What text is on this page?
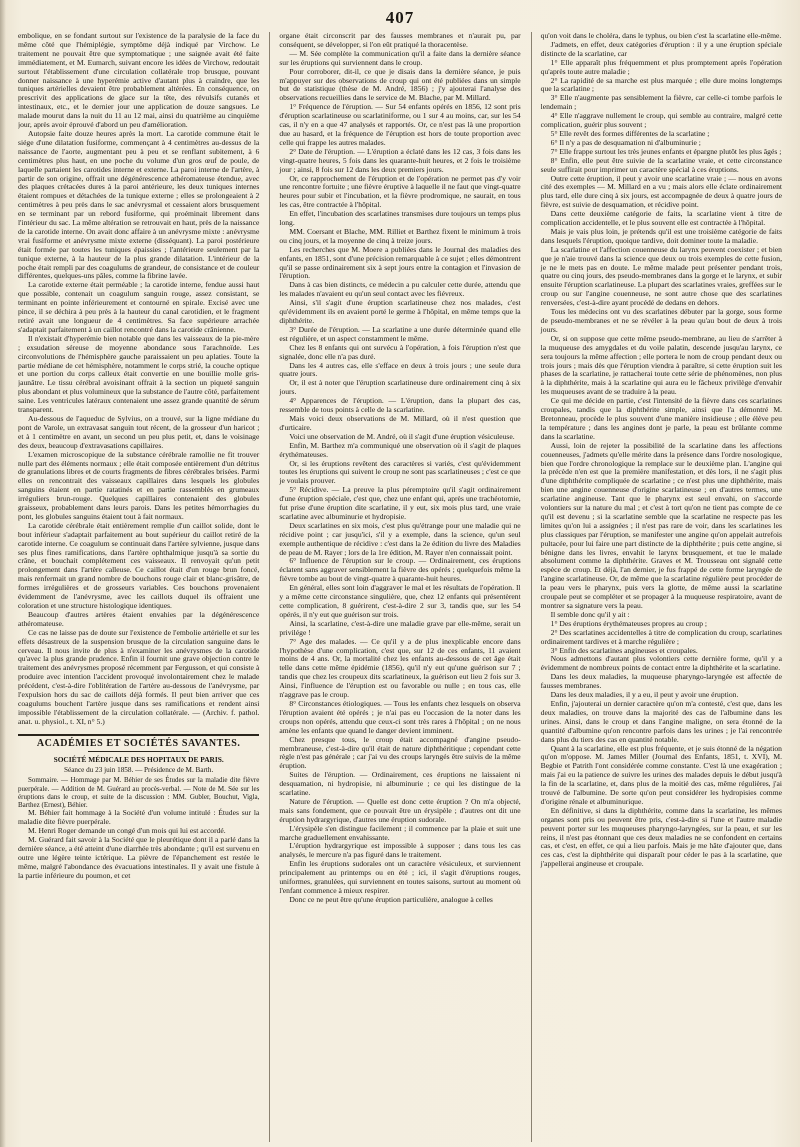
407

embolique, en se fondant surtout sur l'existence de la paralysie de la face du même côté que l'hémiplégie, symptôme déjà indiqué par Virchow. Le traitement ne pouvait être que symptomatique ; une saignée avait été faite immédiatement, et M. Eumarch, suivant encore les idées de Virchow, redoutait surtout l'établissement d'une circulation collatérale trop brusque, pouvant donner naissance à une hyperémie active d'autant plus à craindre, que les tuniques artérielles devaient être probablement altérées. En conséquence, on prescrivit des applications de glace sur la tête, des révulsifs cutanés et intestinaux, etc., et le dernier jour une application de douze sangsues. Le malade mourut dans la nuit du 11 au 12 mai, ainsi du quatrième au cinquième jour, après avoir éprouvé d'abord un peu d'amélioration.

Autopsie faite douze heures après la mort. La carotide commune était le siége d'une dilatation fusiforme, commençant à 4 centimètres au-dessus de la naissance de l'aorte, augmentant peu à peu et se renflant subitement, à 6 centimètres plus haut, en une poche du volume d'un gros œuf de poule, de laquelle partaient les carotides interne et externe. La paroi interne de l'artère, à partir de son origine, offrait une dégénérescence athéromateuse étendue, avec des plaques crétacées dures à la paroi antérieure, les deux tuniques internes étaient rompues et détachées de la tunique externe ; elles se prolongeaient à 2 centimètres à peu près dans le sac anévrysmal et cessaient alors brusquement en se terminant par un rebord fusiforme, qui proéminait librement dans l'intérieur du sac. La même altération se retrouvait en haut, près de la naissance de la carotide interne. On avait donc affaire à un anévrysme mixte : anévrysme vrai fusiforme et anévrysme mixte externe (disséquant). La paroi postérieure était formée par toutes les tuniques épaissies ; l'antérieure seulement par la tunique externe, à la hauteur de la plus grande dilatation. L'intérieur de la poche était rempli par des coagulums de grandeur, de consistance et de couleur différentes, quelques-uns pâles, comme la fibrine lavée.

La carotide externe était perméable ; la carotide interne, fendue aussi haut que possible, contenait un coagulum sanguin rouge, assez consistant, se terminant en pointe inférieurement et contourné en spirale. Excisé avec une pince, il se déchira à peu près à la hauteur du canal carotidien, et le fragment retiré avait une longueur de 4 centimètres. Sa face supérieure arrachée s'adaptait parfaitement à un caillot rencontré dans la carotide crânienne.

Il n'existait d'hyperémie bien notable que dans les vaisseaux de la pie-mère ; exsudation séreuse de moyenne abondance sous l'arachnoïde. Les circonvolutions de l'hémisphère gauche paraissaient un peu aplaties. Toute la partie médiane de cet hémisphère, notamment le corps strié, la couche optique et une portion du corps calleux était convertie en une bouillie molle gris-jaunâtre. Le tissu cérébral avoisinant offrait à la section un piqueté sanguin plus abondant et plus volumineux que la substance de l'autre côté, parfaitement saine. Les ventricules latéraux contenaient une assez grande quantité de sérum transparent.

Au-dessous de l'aqueduc de Sylvius, on a trouvé, sur la ligne médiane du pont de Varole, un extravasat sanguin tout récent, de la grosseur d'un haricot ; et à 1 centimètre en avant, un second un peu plus petit, et, dans le voisinage des deux, beaucoup d'extravasations capillaires.

L'examen microscopique de la substance cérébrale ramollie ne fit trouver nulle part des éléments normaux ; elle était composée entièrement d'un détritus de granulations libres et de courts fragments de fibres cérébrales brisées. Parmi elles on rencontrait des vaisseaux capillaires dans lesquels les globules sanguins étaient en partie ratatinés et en partie rassemblés en grumeaux irréguliers brun-rouge. Quelques capillaires contenaient des globules graisseux, probablement dans leurs parois. Dans les petites hémorrhagies du pont, les globules sanguins étaient tout à fait normaux.

La carotide cérébrale était entièrement remplie d'un caillot solide, dont le bout inférieur s'adaptait parfaitement au bout supérieur du caillot retiré de la carotide interne. Ce coagulum se continuait dans l'artère sylvienne, jusque dans ses plus fines ramifications, dans l'artère ophthalmique jusqu'à sa sortie du crâne, et bouchait complétement ces vaisseaux. Il renvoyait qu'un petit prolongement dans l'artère calleuse. Ce caillot était d'un rouge brun foncé, mais renfermait un grand nombre de bouchons rouge clair et blanc-grisâtre, de formes irrégulières et de grosseurs variables. Ces bouchons provenaient évidemment de l'anévrysme, avec les caillots duquel ils offraient une coloration et une structure histologique identiques.

Beaucoup d'autres artères étaient envahies par la dégénérescence athéromateuse.

Ce cas ne laisse pas de doute sur l'existence de l'embolie artérielle et sur les effets désastreux de la suspension brusque de la circulation sanguine dans le cerveau. Il nous invite de plus à n'examiner les anévrysmes de la carotide qu'avec la plus grande prudence. Enfin il fournit une grave objection contre le traitement des anévrysmes proposé récemment par Fergusson, et qui consiste à produire avec intention l'accident provoqué involontairement chez le malade précédent, c'est-à-dire l'oblitération de l'artère au-dessous de l'anévrysme, par l'expulsion hors du sac de caillots déjà formés. Il peut bien arriver que ces coagulums bouchent l'artère jusque dans ses ramifications et rendent ainsi impossible l'établissement de la circulation collatérale. — (Archiv. f. pathol. anat. u. physiol., t. XI, n° 5.)

ACADÉMIES ET SOCIÉTÉS SAVANTES.
SOCIÉTÉ MÉDICALE DES HOPITAUX DE PARIS.
Séance du 23 juin 1858. — Présidence de M. Barth.

Sommaire. — Hommage par M. Béhier de ses Études sur la maladie dite fièvre puerpérale. — Addition de M. Guérard au procès-verbal. — Note de M. Sée sur les éruptions dans le croup, et suite de la discussion : MM. Gubler, Bouchut, Vigla, Barthez (Ernest), Béhier.

M. Béhier fait hommage à la Société d'un volume intitulé : Études sur la maladie dite fièvre puerpérale.

M. Henri Roger demande un congé d'un mois qui lui est accordé.

M. Guérard fait savoir à la Société que le pleurétique dont il a parlé dans la dernière séance, a été atteint d'une diarrhée très abondante ; qu'il est survenu en outre une légère teinte ictérique. La pièvre de l'épanchement est restée le même, malgré l'abondance des évacuations intestinales. Il y avait une fistule à la partie inférieure du poumon, et cet

organe était circonscrit par des fausses membranes et n'aurait pu, par conséquent, se développer, si l'on eût pratiqué la thoracentèse.

— M. Sée complète la communication qu'il a faite dans la dernière séance sur les éruptions qui surviennent dans le croup.

Pour corroborer, dit-il, ce que je disais dans la dernière séance, je puis m'appuyer sur des observations de croup qui ont été publiées dans un simple but de statistique (thèse de M. André, 1856) ; j'y ajouterai l'analyse des observations recueillies dans le service de M. Blache, par M. Millard.

1° Fréquence de l'éruption. — Sur 54 enfants opérés en 1856, 12 sont pris d'éruption scarlatineuse ou scarlatiniforme, ou 1 sur 4 au moins, car, sur les 54 cas, il n'y en a que 47 analysés et rapportés. Or, ce n'est pas là une proportion due au hasard, et la fréquence de l'éruption est hors de toute proportion avec celle qui frappe les autres malades.

2° Date de l'éruption. — L'éruption a éclaté dans les 12 cas, 3 fois dans les vingt-quatre heures, 5 fois dans les quarante-huit heures, et 2 fois le troisième jour ; ainsi, 8 fois sur 12 dans les deux premiers jours.

Or, ce rapprochement de l'éruption et de l'opération ne permet pas d'y voir une rencontre fortuite ; une fièvre éruptive à laquelle il ne faut que vingt-quatre heures pour subir et l'incubation, et la fièvre prodromique, ne saurait, en tous les cas, être contractée à l'hôpital.

En effet, l'incubation des scarlatines transmises dure toujours un temps plus long.

MM. Coersant et Blache, MM. Rilliet et Barthez fixent le minimum à trois ou cinq jours, et la moyenne de cinq à treize jours.

Les recherches que M. Moere a publiées dans le Journal des maladies des enfants, en 1851, sont d'une précision remarquable à ce sujet ; elles démontrent qu'il se passe ordinairement six à sept jours entre la contagion et l'invasion de l'éruption.

Dans à cas bien distincts, ce médecin a pu calculer cette durée, attendu que les malades n'avaient eu qu'un seul contact avec les fiévreux.

Ainsi, s'il s'agit d'une éruption scarlatineuse chez nos malades, c'est qu'évidemment ils en avaient porté le germe à l'hôpital, en même temps que la diphthérite.

3° Durée de l'éruption. — La scarlatine a une durée déterminée quand elle est régulière, et un aspect constamment le même.

Chez les 8 enfants qui ont survécu à l'opération, à fois l'éruption n'est que signalée, donc elle n'a pas duré.

Dans les 4 autres cas, elle s'efface en deux à trois jours ; une seule dura quatre jours.

Or, il est à noter que l'éruption scarlatineuse dure ordinairement cinq à six jours.

4° Apparences de l'éruption. — L'éruption, dans la plupart des cas, ressemble de tous points à celle de la scarlatine.

Mais voici deux observations de M. Millard, où il n'est question que d'urticaire.

Voici une observation de M. André, où il s'agit d'une éruption vésiculeuse.

Enfin, M. Barthez m'a communiqué une observation où il s'agit de plaques érythémateuses.

Or, si les éruptions revêtent des caractères si variés, c'est qu'évidemment toutes les éruptions qui suivent le croup ne sont pas scarlatineuses ; c'est ce que je voulais prouver.

5° Récidive. — La preuve la plus péremptoire qu'il s'agit ordinairement d'une éruption spéciale, c'est que, chez une enfant qui, après une trachéotomie, fut prise d'une éruption dite scarlatine, il y eut, six mois plus tard, une vraie scarlatine avec albuminurie et hydropisie.

Deux scarlatines en six mois, c'est plus qu'étrange pour une maladie qui ne récidive point ; car jusqu'ici, s'il y a exemple, dans la science, qu'un seul exemple authentique de récidive : c'est dans la 2e édition du livre des Maladies de peau de M. Rayer ; lors de la 1re édition, M. Rayer n'en connaissait point.

6° Influence de l'éruption sur le croup. — Ordinairement, ces éruptions éclatent sans aggraver sensiblement la fièvre des opérés ; quelquefois même la fièvre tombe au bout de vingt-quatre à quarante-huit heures.

En général, elles sont loin d'aggraver le mal et les résultats de l'opération. Il y a même cette circonstance singulière, que, chez 12 enfants qui présentèrent cette complication, 8 guérirent, c'est-à-dire 2 sur 3, tandis que, sur les 54 opérés, il n'y eut que guérison sur trois.

Ainsi, la scarlatine, c'est-à-dire une maladie grave par elle-même, serait un privilége !

7° Age des malades. — Ce qu'il y a de plus inexplicable encore dans l'hypothèse d'une complication, c'est que, sur 12 de ces enfants, 11 avaient moins de 4 ans. Or, la mortalité chez les enfants au-dessous de cet âge était telle dans cette même épidémie (1856), qu'il n'y eut qu'une guérison sur 7 ; tandis que chez les croupeux dits scarlatineux, la guérison eut lieu 2 fois sur 3. Ainsi, l'influence de l'éruption est ou favorable ou nulle ; en tous cas, elle n'aggrave pas le croup.

8° Circonstances étiologiques. — Tous les enfants chez lesquels on observa l'éruption avaient été opérés ; je n'ai pas eu l'occasion de la noter dans les croups non opérés, attendu que ceux-ci sont très rares à l'hôpital ; on ne nous amène les enfants que quand le danger devient imminent.

Chez presque tous, le croup était accompagné d'angine pseudo-membraneuse, c'est-à-dire qu'il était de nature diphthéritique ; cependant cette règle n'est pas générale ; car j'ai vu des croups laryngés être suivis de la même éruption.

Suites de l'éruption. — Ordinairement, ces éruptions ne laissaient ni desquamation, ni hydropisie, ni albuminurie ; ce qui les distingue de la scarlatine.

Nature de l'éruption. — Quelle est donc cette éruption ? On m'a objecté, mais sans fondement, que ce pouvait être un érysipèle ; d'autres ont dit une éruption hydrargyrique, d'autres une éruption sudorale.

L'érysipèle s'en distingue facilement ; il commence par la plaie et suit une marche graduellement envahissante.

L'éruption hydrargyrique est impossible à supposer ; dans tous les cas analysés, le mercure n'a pas figuré dans le traitement.

Enfin les éruptions sudorales ont un caractère vésiculeux, et surviennent principalement au printemps ou en été ; ici, il s'agit d'éruptions rouges, uniformes, granulées, qui surviennent en toutes saisons, surtout au moment où l'enfant commence à mieux respirer.

Donc ce ne peut être qu'une éruption particulière, analogue à celles

qu'on voit dans le choléra, dans le typhus, ou bien c'est la scarlatine elle-même.

J'admets, en effet, deux catégories d'éruption : il y a une éruption spéciale distincte de la scarlatine, car

1° Elle apparaît plus fréquemment et plus promptement après l'opération qu'après toute autre maladie ;
2° La rapidité de sa marche est plus marquée ; elle dure moins longtemps que la scarlatine ;
3° Elle n'augmente pas sensiblement la fièvre, car celle-ci tombe parfois le lendemain ;
4° Elle n'aggrave nullement le croup, qui semble au contraire, malgré cette complication, guérir plus souvent ;
5° Elle revêt des formes différentes de la scarlatine ;
6° Il n'y a pas de desquamation ni d'albuminurie ;
7° Elle frappe surtout les très jeunes enfants et épargne plutôt les plus âgés ;
8° Enfin, elle peut être suivie de la scarlatine vraie, et cette circonstance seule suffirait pour imprimer un caractère spécial à ces éruptions.

Outre cette éruption, il peut y avoir une scarlatine vraie ; — nous en avons cité des exemples — M. Millard en a vu ; mais alors elle éclate ordinairement plus tard, elle dure cinq à six jours, est accompagnée de deux à quatre jours de fièvre, est suivie de desquamation, et récidive point.

Dans cette deuxième catégorie de faits, la scarlatine vient à titre de complication accidentelle, et le plus souvent elle est contractée à l'hôpital.

Mais je vais plus loin, je prétends qu'il est une troisième catégorie de faits dans lesquels l'éruption, quoique tardive, doit dominer toute la maladie.

La scarlatine et l'affection couenneuse du larynx peuvent coexister ; et bien que je n'aie trouvé dans la science que deux ou trois exemples de cette fusion, je ne le mets pas en doute. Le même malade peut présenter pendant trois, quatre ou cinq jours, des pseudo-membranes dans la gorge et le larynx, et subir ensuite l'éruption scarlatineuse. La plupart des scarlatines vraies, greffées sur le croup ou sur l'angine couenneuse, ne sont autre chose que des scarlatines renversées, c'est-à-dire ayant procédé de dedans en dehors.

Tous les médecins ont vu des scarlatines débuter par la gorge, sous forme de pseudo-membranes et ne se révéler à la peau qu'au bout de deux à trois jours.

Or, si on suppose que cette même pseudo-membrane, au lieu de s'arrêter à la muqueuse des amygdales et du voile palatin, descende jusqu'au larynx, ce sera toujours la même affection ; elle portera le nom de croup pendant deux ou trois jours ; mais dès que l'éruption viendra à paraître, si cette éruption suit les phases de la scarlatine, je rattacherai toute cette série de phénomènes, non plus à la diphthérite, mais à la scarlatine qui aura eu le fâcheux privilège d'envahir les muqueuses avant de se traduire à la peau.

Ce qui me décide en partie, c'est l'intensité de la fièvre dans ces scarlatines croupales, tandis que la diphthérite simple, ainsi que l'a démontré M. Bretonneau, procède le plus souvent d'une manière insidieuse ; elle élève peu la température ; dans les angines dont je parle, la peau est brûlante comme dans la scarlatine.

Aussi, loin de rejeter la possibilité de la scarlatine dans les affections couenneuses, j'admets qu'elle mérite dans la présence dans l'ordre nosologique, bien que l'ordre chronologique la remplace sur le deuxième plan. L'angine qui la précède n'en est que la première manifestation, et dès lors, il ne s'agit plus d'une diphthérite compliquée de scarlatine ; ce n'est plus une diphthérite, mais bien une angine couenneuse d'origine scarlatineuse ; en d'autres termes, une scarlatine angineuse. Tant que le pharynx est seul envahi, on s'accorde volontiers sur la nature du mal ; et c'est à tort qu'on ne tient pas compte de ce qu'il est devenu ; si la scarlatine semble que la scarlatine ne respecte pas les limites qu'on lui a assignées ; il n'est pas rare de voir, dans les scarlatines les plus classiques par l'éruption, se manifester une angine qu'on appelait autrefois pultacée, pour lui faire une part distincte de la diphthérite ; puis cette angine, si bénigne dans les livres, envahit le larynx brusquement, et tue le malade absolument comme la diphthérite. Graves et M. Trousseau ont signalé cette espèce de croup. Et déjà, l'an dernier, je fus frappé de cette forme laryngée de l'angine scarlatineuse. Or, de même que la scarlatine régulière peut procéder de la peau vers le pharynx, puis vers la glotte, de même aussi la scarlatine croupale peut se compléter et se propager à la muqueuse respiratoire, avant de montrer sa signature vers la peau.

Il semble donc qu'il y ait :

1° Des éruptions érythémateuses propres au croup ;

2° Des scarlatines accidentelles à titre de complication du croup, scarlatines ordinairement tardives et à marche régulière ;

3° Enfin des scarlatines angineuses et croupales.

Nous admettons d'autant plus volontiers cette dernière forme, qu'il y a évidemment de nombreux points de contact entre la diphthérite et la scarlatine.

Dans les deux maladies, la muqueuse pharyngo-laryngée est affectée de fausses membranes.

Dans les deux maladies, il y a eu, il peut y avoir une éruption.

Enfin, j'ajouterai un dernier caractère qu'on m'a contesté, c'est que, dans les deux maladies, on trouve dans la majorité des cas de l'albumine dans les urines. Ainsi, dans le croup et dans l'angine maligne, on sera étonné de la quantité d'albumine qu'on rencontre parfois dans les urines ; je l'ai rencontrée dans plus du tiers des cas en quantité notable.

Quant à la scarlatine, elle est plus fréquente, et je suis étonné de la négation qu'on m'oppose. M. James Miller (Journal des Enfants, 1851, t. XVI), M. Begbie et Patrith l'ont considérée comme constante. C'est là une exagération ; mais j'ai eu la patience de suivre les urines des malades depuis le début jusqu'à la fin de la scarlatine, et, dans plus de la moitié des cas, même régulières, j'ai trouvé de l'albumine. De sorte qu'on peut considérer les hydropisies comme d'origine rénale et albuminurique.

En définitive, si dans la diphthérite, comme dans la scarlatine, les mêmes organes sont pris ou peuvent être pris, c'est-à-dire si l'une et l'autre maladie peuvent porter sur les muqueuses pharyngo-laryngées, sur la peau, et sur les reins, il n'est pas étonnant que ces deux maladies ne se confondent en certains cas, et c'est, en effet, ce qui a lieu parfois. Mais je me hâte d'ajouter que, dans ces cas, c'est la diphthérite qui disparaît pour céder le pas à la scarlatine, que j'appellerai angineuse et croupale.
